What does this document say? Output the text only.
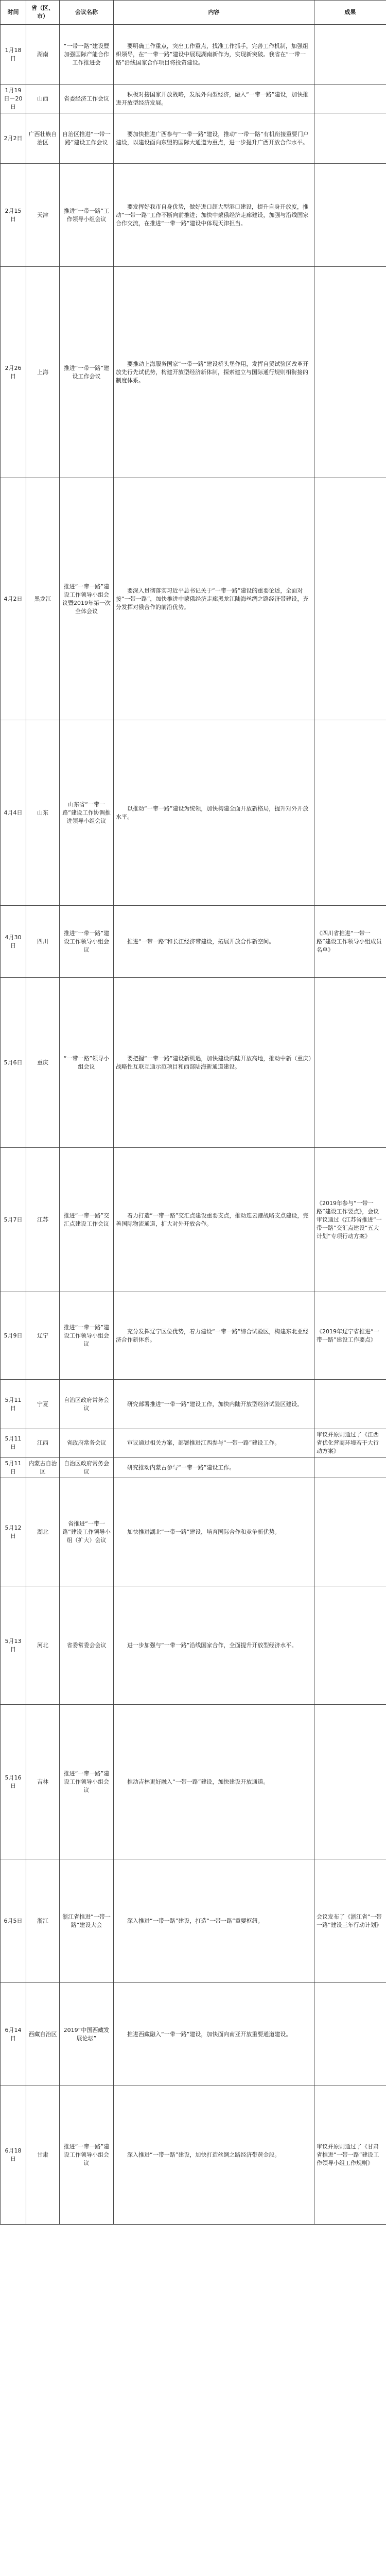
时间	省（区、市）	会议名称	内容	成果
1月18日	湖南	“一带一路”建设暨加强国际产能合作工作推进会	要明确工作重点，突出工作重点，找准工作抓手，完善工作机制，加强组织领导，在“一带一路”建设中展现湖南新作为，实现新突破。我省在“一带一路”沿线国家合作项目将投资建设。	
1月19日－20日	山西	省委经济工作会议	积极对接国家开放战略，发展外向型经济，融入“一带一路”建设，加快推进开放型经济发展。	
2月2日	广西壮族自治区	自治区推进“一带一路”建设工作会议	要加快推进广西参与“一带一路”建设，推动“一带一路”有机衔接重要门户建设，以建设面向东盟的国际大通道为重点，进一步提升广西开放合作水平。	
2月15日	天津	推进“一带一路”工作领导小组会议	要发挥好我市自身优势，做好进口超大型港口建设，提升自身开放度，推动“一带一路”工作不断向前推进；加快中蒙俄经济走廊建设，加强与沿线国家合作交流，在推进“一带一路”建设中体现天津担当。	
2月26日	上海	推进“一带一路”建设工作会议	要推动上海服务国家“一带一路”建设桥头堡作用，发挥自贸试验区改革开放先行先试优势，构建开放型经济新体制，探索建立与国际通行规则相衔接的制度体系。	
4月2日	黑龙江	推进“一带一路”建设工作领导小组会议暨2019年第一次全体会议	要深入贯彻落实习近平总书记关于“一带一路”建设的重要论述，全面对接“一带一路”，加快推进中蒙俄经济走廊黑龙江陆海丝绸之路经济带建设，充分发挥对俄合作的前沿优势。	
4月4日	山东	山东省“一带一路”建设工作协调推进领导小组会议	以推动“一带一路”建设为统领，加快构建全面开放新格局，提升对外开放水平。	
4月30日	四川	推进“一带一路”建设工作领导小组会议	推进“一带一路”和长江经济带建设，拓展开放合作新空间。	《四川省推进“一带一路”建设工作领导小组成员名单》
5月6日	重庆	“一带一路”领导小组会议	要把握“一带一路”建设新机遇，加快建设内陆开放高地，推动中新（重庆）战略性互联互通示范项目和西部陆海新通道建设。	
5月7日	江苏	推进“一带一路”交汇点建设工作会议	着力打造“一带一路”交汇点建设重要支点，推动连云港战略支点建设，完善国际物流通道，扩大对外开放合作。	《2019年参与“一带一路”建设工作要点》，会议审议通过《江苏省推进“一带一路”交汇点建设“五大计划”专项行动方案》
5月9日	辽宁	推进“一带一路”建设工作领导小组会议	充分发挥辽宁区位优势，着力建设“一带一路”综合试验区，构建东北亚经济合作新体系。	《2019年辽宁省推进“一带一路”建设工作要点》
5月11日	宁夏	自治区政府常务会议	研究部署推进“一带一路”建设工作，加快内陆开放型经济试验区建设。	
5月11日	江西	省政府常务会议	审议通过相关方案，部署推进江西参与“一带一路”建设工作。	审议并原则通过了《江西省优化营商环境若干大行动方案》
5月11日	内蒙古自治区	自治区政府常务会议	研究推动内蒙古参与“一带一路”建设工作。	
5月12日	湖北	省推进“一带一路”建设工作领导小组（扩大）会议	加快推进湖北“一带一路”建设，培育国际合作和竞争新优势。	
5月13日	河北	省委常委会会议	进一步加强与“一带一路”沿线国家合作，全面提升开放型经济水平。	
5月16日	吉林	推进“一带一路”建设工作领导小组会议	推动吉林更好融入“一带一路”建设，加快建设开放通道。	
6月5日	浙江	浙江省推进“一带一路”建设大会	深入推进“一带一路”建设，打造“一带一路”重要枢纽。	会议发布了《浙江省“一带一路”建设三年行动计划》
6月14日	西藏自治区	2019“中国西藏发展论坛”	推进西藏融入“一带一路”建设，加快面向南亚开放重要通道建设。	
6月18日	甘肃	推进“一带一路”建设工作领导小组会议	深入推进“一带一路”建设，加快打造丝绸之路经济带黄金段。	审议并原则通过了《甘肃省推进“一带一路”建设工作领导小组工作规则》
